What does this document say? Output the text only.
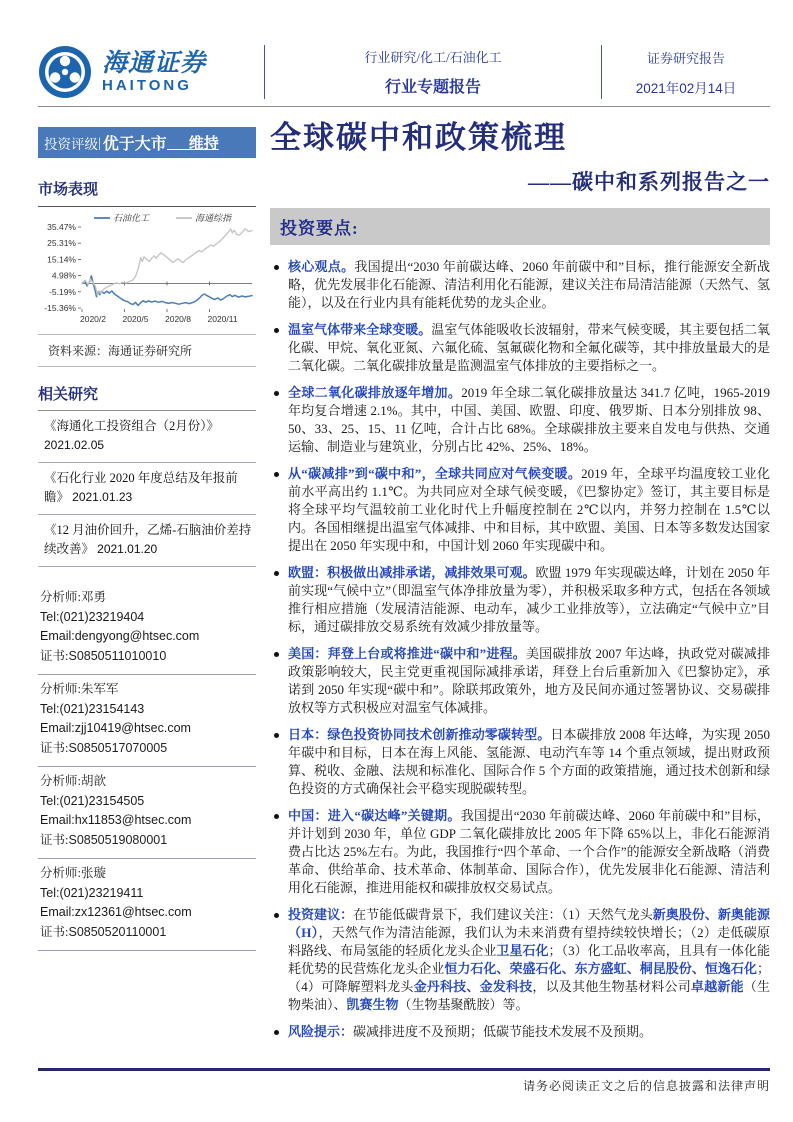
海通证券
HAITONG
行业研究/化工/石油化工
行业专题报告
证券研究报告
2021年02月14日
投资评级 | 优于大市 维持
市场表现
35.47%
25.31%
15.14%
4.98%
-5.19%
-15.36%
2020/2 2020/5 2020/8 2020/11
石油化工	海通综指
资料来源：海通证券研究所
相关研究
《海通化工投资组合（2月份）》 2021.02.05
《石化行业 2020 年度总结及年报前瞻》 2021.01.23
《12 月油价回升，乙烯-石脑油价差持续改善》 2021.01.20
分析师:邓勇
Tel:(021)23219404
Email:dengyong@htsec.com
证书:S0850511010010
分析师:朱军军
Tel:(021)23154143
Email:zjj10419@htsec.com
证书:S0850517070005
分析师:胡歆
Tel:(021)23154505
Email:hx11853@htsec.com
证书:S0850519080001
分析师:张璇
Tel:(021)23219411
Email:zx12361@htsec.com
证书:S0850520110001
全球碳中和政策梳理
——碳中和系列报告之一
投资要点:

核心观点。我国提出“2030 年前碳达峰、2060 年前碳中和”目标，推行能源安全新战略，优先发展非化石能源、清洁利用化石能源，建议关注布局清洁能源（天然气、氢能），以及在行业内具有能耗优势的龙头企业。

温室气体带来全球变暖。温室气体能吸收长波辐射，带来气候变暖，其主要包括二氧化碳、甲烷、氧化亚氮、六氟化硫、氢氟碳化物和全氟化碳等，其中排放量最大的是二氧化碳。二氧化碳排放量是监测温室气体排放的主要指标之一。

全球二氧化碳排放逐年增加。2019 年全球二氧化碳排放量达 341.7 亿吨，1965-2019 年均复合增速 2.1%。其中，中国、美国、欧盟、印度、俄罗斯、日本分别排放 98、50、33、25、15、11 亿吨，合计占比 68%。全球碳排放主要来自发电与供热、交通运输、制造业与建筑业，分别占比 42%、25%、18%。

从“碳减排”到“碳中和”，全球共同应对气候变暖。2019 年，全球平均温度较工业化前水平高出约 1.1℃。为共同应对全球气候变暖，《巴黎协定》签订，其主要目标是将全球平均气温较前工业化时代上升幅度控制在 2℃以内，并努力控制在 1.5℃以内。各国相继提出温室气体减排、中和目标，其中欧盟、美国、日本等多数发达国家提出在 2050 年实现中和，中国计划 2060 年实现碳中和。

欧盟：积极做出减排承诺，减排效果可观。欧盟 1979 年实现碳达峰，计划在 2050 年前实现“气候中立”（即温室气体净排放量为零），并积极采取多种方式，包括在各领域推行相应措施（发展清洁能源、电动车，减少工业排放等），立法确定“气候中立”目标，通过碳排放交易系统有效减少排放量等。

美国：拜登上台或将推进“碳中和”进程。美国碳排放 2007 年达峰，执政党对碳减排政策影响较大，民主党更重视国际减排承诺，拜登上台后重新加入《巴黎协定》，承诺到 2050 年实现“碳中和”。除联邦政策外，地方及民间亦通过签署协议、交易碳排放权等方式积极应对温室气体减排。

日本：绿色投资协同技术创新推动零碳转型。日本碳排放 2008 年达峰，为实现 2050 年碳中和目标，日本在海上风能、氢能源、电动汽车等 14 个重点领域，提出财政预算、税收、金融、法规和标准化、国际合作 5 个方面的政策措施，通过技术创新和绿色投资的方式确保社会平稳实现脱碳转型。

中国：进入“碳达峰”关键期。我国提出“2030 年前碳达峰、2060 年前碳中和”目标，并计划到 2030 年，单位 GDP 二氧化碳排放比 2005 年下降 65%以上，非化石能源消费占比达 25%左右。为此，我国推行“四个革命、一个合作”的能源安全新战略（消费革命、供给革命、技术革命、体制革命、国际合作），优先发展非化石能源、清洁利用化石能源，推进用能权和碳排放权交易试点。

投资建议：在节能低碳背景下，我们建议关注：（1）天然气龙头新奥股份、新奥能源（H），天然气作为清洁能源，我们认为未来消费有望持续较快增长；（2）走低碳原料路线、布局氢能的轻质化龙头企业卫星石化；（3）化工品收率高，且具有一体化能耗优势的民营炼化龙头企业恒力石化、荣盛石化、东方盛虹、桐昆股份、恒逸石化；（4）可降解塑料龙头金丹科技、金发科技，以及其他生物基材料公司卓越新能（生物柴油）、凯赛生物（生物基聚酰胺）等。

风险提示：碳减排进度不及预期；低碳节能技术发展不及预期。

请务必阅读正文之后的信息披露和法律声明
